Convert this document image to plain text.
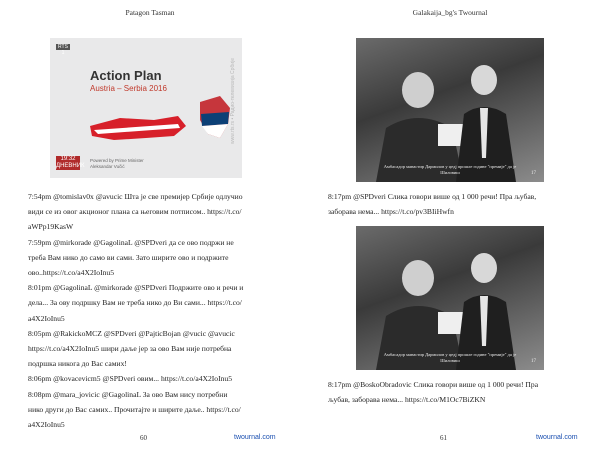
Patagon Tasman
RTS 1
Action Plan
Austria – Serbia 2016	www.rts.rs • Радио-телевизија Србије
19:32
ДНЕВНИК
Powered by Prime Minister
Aleksandar Vučić
7:54pm @tomislav0x @avucic Шта је све премијер Србије одлучио
види се из овог акционог плана са његовим потписом.. https://t.co/
aWPp19KasW
7:59pm @mirkorade @GagolinaL @SPDveri да се ово подржи не
треба Вам нико до само ви сами. Зато ширите ово и подржите
ово..https://t.co/a4X2IoInu5
8:01pm @GagolinaL @mirkorade @SPDveri Подржите ово и речи и
дела... За ову подршку Вам не треба нико до Ви сами... https://t.co/
a4X2IoInu5
8:05pm @RakickoMCZ @SPDveri @PajticBojan @vucic @avucic
https://t.co/a4X2IoInu5 шири даље јер за ово Вам није потребна
подршка никога до Вас самих!
8:06pm @kovacevicm5 @SPDveri овим... https://t.co/a4X2IoInu5
8:08pm @mara_jovicic @GagolinaL За ово Вам нису потребни
нико други до Вас самих.. Прочитајте и ширите даље.. https://t.co/
a4X2IoInu5
60	twournal.com
Galakaija_bg's Twournal
Амбасадор манастир Дармилов у цедј прошле године "премије" да је Шиловиш	17
8:17pm @SPDveri Слика говори више од 1 000 речи! Пра љубав,
заборава нема... https://t.co/pv3BIiHwfn
Амбасадор манастир Дармилов у цедј прошле године "премије" да је Шиловиш	17
8:17pm @BoskoObradovic Слика говори више од 1 000 речи! Пра
љубав, заборава нема... https://t.co/M1Oc7BiZKN
61	twournal.com
